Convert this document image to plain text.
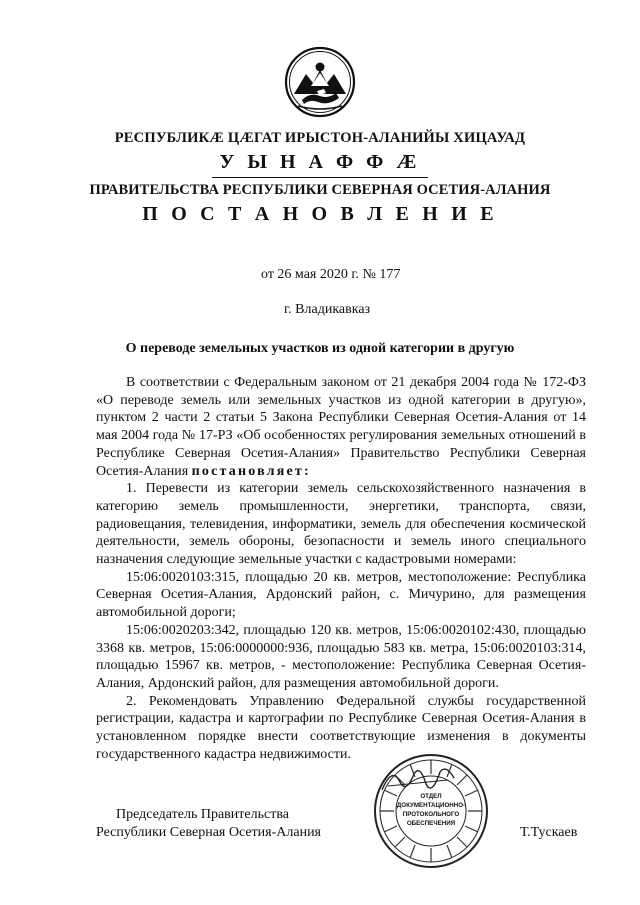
РЕСПУБЛИКÆ ЦÆГАТ ИРЫСТОН-АЛАНИЙЫ ХИЦАУАД
У Ы Н А Ф Ф Æ
ПРАВИТЕЛЬСТВА РЕСПУБЛИКИ СЕВЕРНАЯ ОСЕТИЯ-АЛАНИЯ
П О С Т А Н О В Л Е Н И Е
от 26 мая 2020 г. № 177
г. Владикавказ
О переводе земельных участков из одной категории в другую

В соответствии с Федеральным законом от 21 декабря 2004 года № 172-ФЗ «О переводе земель или земельных участков из одной категории в другую», пунктом 2 части 2 статьи 5 Закона Республики Северная Осетия-Алания от 14 мая 2004 года № 17-РЗ «Об особенностях регулирования земельных отношений в Республике Северная Осетия-Алания» Правительство Республики Северная Осетия-Алания постановляет:

1. Перевести из категории земель сельскохозяйственного назначения в категорию земель промышленности, энергетики, транспорта, связи, радиовещания, телевидения, информатики, земель для обеспечения космической деятельности, земель обороны, безопасности и земель иного специального назначения следующие земельные участки с кадастровыми номерами:

15:06:0020103:315, площадью 20 кв. метров, местоположение: Республика Северная Осетия-Алания, Ардонский район, с. Мичурино, для размещения автомобильной дороги;

15:06:0020203:342, площадью 120 кв. метров, 15:06:0020102:430, площадью 3368 кв. метров, 15:06:0000000:936, площадью 583 кв. метра, 15:06:0020103:314, площадью 15967 кв. метров, - местоположение: Республика Северная Осетия-Алания, Ардонский район, для размещения автомобильной дороги.

2. Рекомендовать Управлению Федеральной службы государственной регистрации, кадастра и картографии по Республике Северная Осетия-Алания в установленном порядке внести соответствующие изменения в документы государственного кадастра недвижимости.

Председатель Правительства
Республики Северная Осетия-Алания	Т.Тускаев
ОТДЕЛ
ДОКУМЕНТАЦИОННО-
ПРОТОКОЛЬНОГО
ОБЕСПЕЧЕНИЯ
